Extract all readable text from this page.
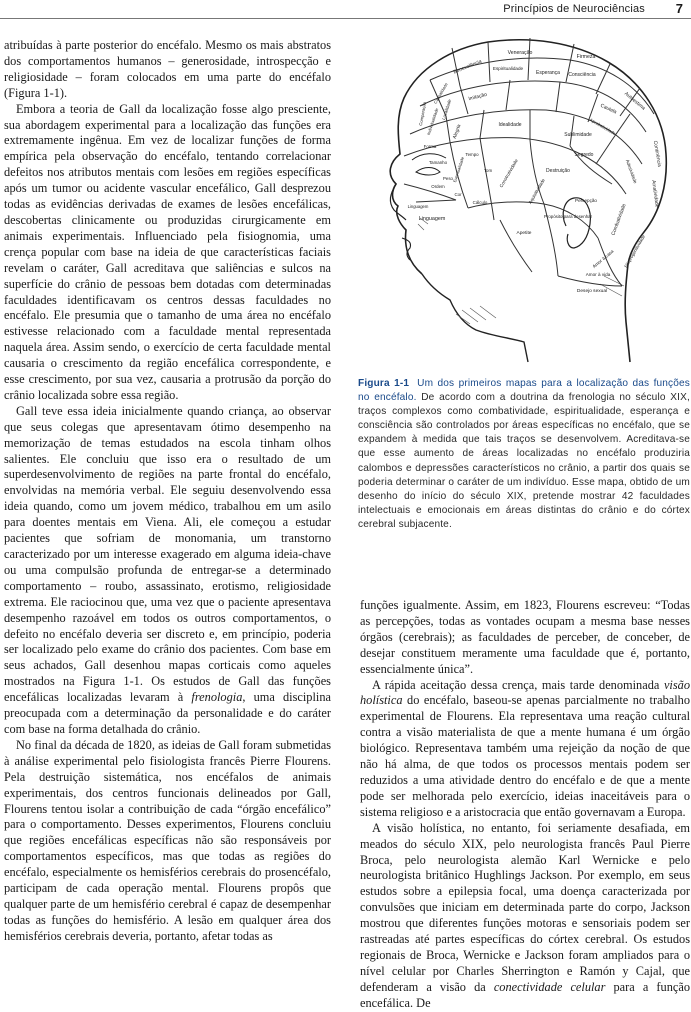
Princípios de Neurociências 7

atribuídas à parte posterior do encéfalo. Mesmo os mais abstratos dos comportamentos humanos – generosidade, introspecção e religiosidade – foram colocados em uma parte do encéfalo (Figura 1-1).

Embora a teoria de Gall da localização fosse algo presciente, sua abordagem experimental para a localização das funções era extremamente ingênua. Em vez de localizar funções de forma empírica pela observação do encéfalo, tentando correlacionar defeitos nos atributos mentais com lesões em regiões específicas após um tumor ou acidente vascular encefálico, Gall desprezou todas as evidências derivadas de exames de lesões encefálicas, descobertas clinicamente ou produzidas cirurgicamente em animais experimentais. Influenciado pela fisiognomia, uma crença popular com base na ideia de que características faciais revelam o caráter, Gall acreditava que saliências e sulcos na superfície do crânio de pessoas bem dotadas com determinadas faculdades identificavam os centros dessas faculdades no encéfalo. Ele presumia que o tamanho de uma área no encéfalo estivesse relacionado com a faculdade mental representada naquela área. Assim sendo, o exercício de certa faculdade mental causaria o crescimento da região encefálica correspondente, e esse crescimento, por sua vez, causaria a protrusão da porção do crânio localizada sobre essa região.

Gall teve essa ideia inicialmente quando criança, ao observar que seus colegas que apresentavam ótimo desempenho na memorização de temas estudados na escola tinham olhos salientes. Ele concluiu que isso era o resultado de um superdesenvolvimento de regiões na parte frontal do encéfalo, envolvidas na memória verbal. Ele seguiu desenvolvendo essa ideia quando, como um jovem médico, trabalhou em um asilo para doentes mentais em Viena. Ali, ele começou a estudar pacientes que sofriam de monomania, um transtorno caracterizado por um interesse exagerado em alguma ideia-chave ou uma compulsão profunda de entregar-se a determinado comportamento – roubo, assassinato, erotismo, religiosidade extrema. Ele raciocinou que, uma vez que o paciente apresentava desempenho razoável em todos os outros comportamentos, o defeito no encéfalo deveria ser discreto e, em princípio, poderia ser localizado pelo exame do crânio dos pacientes. Com base em seus achados, Gall desenhou mapas corticais como aqueles mostrados na Figura 1-1. Os estudos de Gall das funções encefálicas localizadas levaram à frenologia, uma disciplina preocupada com a determinação da personalidade e do caráter com base na forma detalhada do crânio.

No final da década de 1820, as ideias de Gall foram submetidas à análise experimental pelo fisiologista francês Pierre Flourens. Pela destruição sistemática, nos encéfalos de animais experimentais, dos centros funcionais delineados por Gall, Flourens tentou isolar a contribuição de cada “órgão encefálico” para o comportamento. Desses experimentos, Flourens concluiu que regiões encefálicas específicas não são responsáveis por comportamentos específicos, mas que todas as regiões do encéfalo, especialmente os hemisférios cerebrais do prosencéfalo, participam de cada operação mental. Flourens propôs que qualquer parte de um hemisfério cerebral é capaz de desempenhar todas as funções do hemisfério. A lesão em qualquer área dos hemisférios cerebrais deveria, portanto, afetar todas as

Veneração
Firmeza
Benevolência Espiritualidade
Esperança Consciência
Autoestima
Imitação
Cautela
Idealidade
Sublimidade
Alegria
Continência
Destruição
Combatividade
Construtividade
Aquisitividade
Segredo
Amatividade
Filoprogenitividade
Amor à casa
Amor à vida
Cálculo
Ordem
Cor
Peso
Tamanho
Forma
Individualidade Localidade
Tempo
Tom
Comparação
Causalidade
Percepção
Apetite
Adesividade
Eventualidade
Aprobatividade
Desejo sexual
Propósito para desenhar
Linguagem
Linguagem
Figura 1-1 Um dos primeiros mapas para a localização das funções no encéfalo. De acordo com a doutrina da frenologia no século XIX, traços complexos como combatividade, espiritualidade, esperança e consciência são controlados por áreas específicas no encéfalo, que se expandem à medida que tais traços se desenvolvem. Acreditava-se que esse aumento de áreas localizadas no encéfalo produziria calombos e depressões característicos no crânio, a partir dos quais se poderia determinar o caráter de um indivíduo. Esse mapa, obtido de um desenho do início do século XIX, pretende mostrar 42 faculdades intelectuais e emocionais em áreas distintas do crânio e do córtex cerebral subjacente.

funções igualmente. Assim, em 1823, Flourens escreveu: “Todas as percepções, todas as vontades ocupam a mesma base nesses órgãos (cerebrais); as faculdades de perceber, de conceber, de desejar constituem meramente uma faculdade que é, portanto, essencialmente única”.

A rápida aceitação dessa crença, mais tarde denominada visão holística do encéfalo, baseou-se apenas parcialmente no trabalho experimental de Flourens. Ela representava uma reação cultural contra a visão materialista de que a mente humana é um órgão biológico. Representava também uma rejeição da noção de que não há alma, de que todos os processos mentais podem ser reduzidos a uma atividade dentro do encéfalo e de que a mente pode ser melhorada pelo exercício, ideias inaceitáveis para o sistema religioso e a aristocracia que então governavam a Europa.

A visão holística, no entanto, foi seriamente desafiada, em meados do século XIX, pelo neurologista francês Paul Pierre Broca, pelo neurologista alemão Karl Wernicke e pelo neurologista britânico Hughlings Jackson. Por exemplo, em seus estudos sobre a epilepsia focal, uma doença caracterizada por convulsões que iniciam em determinada parte do corpo, Jackson mostrou que diferentes funções motoras e sensoriais podem ser rastreadas até partes específicas do córtex cerebral. Os estudos regionais de Broca, Wernicke e Jackson foram ampliados para o nível celular por Charles Sherrington e Ramón y Cajal, que defenderam a visão da conectividade celular para a função encefálica. De
